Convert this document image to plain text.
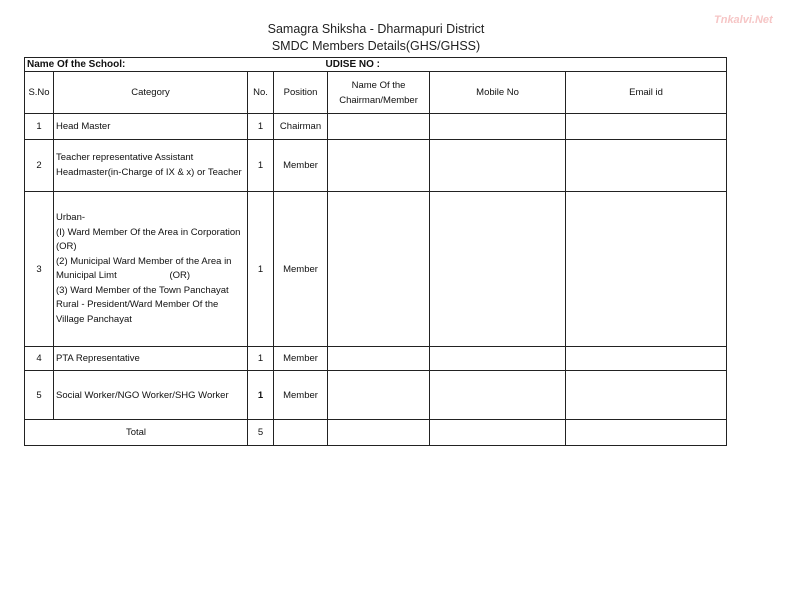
Tnkalvi.Net
Samagra Shiksha - Dharmapuri District
SMDC Members Details(GHS/GHSS)
Name Of the School:				UDISE NO :		
S.No	Category	No.	Position	Name Of the Chairman/Member	Mobile No	Email id
1	Head Master	1	Chairman			
2	Teacher representative Assistant Headmaster(in-Charge of IX & x) or Teacher	1	Member			
3	Urban-
(I) Ward Member Of the Area in Corporation
(OR)
(2) Municipal Ward Member of the Area in Municipal Limt                    (OR)
(3) Ward Member of the Town Panchayat Rural - President/Ward Member Of the Village Panchayat	1	Member			
4	PTA Representative	1	Member			
5	Social Worker/NGO Worker/SHG Worker	1	Member			
Total		5				
